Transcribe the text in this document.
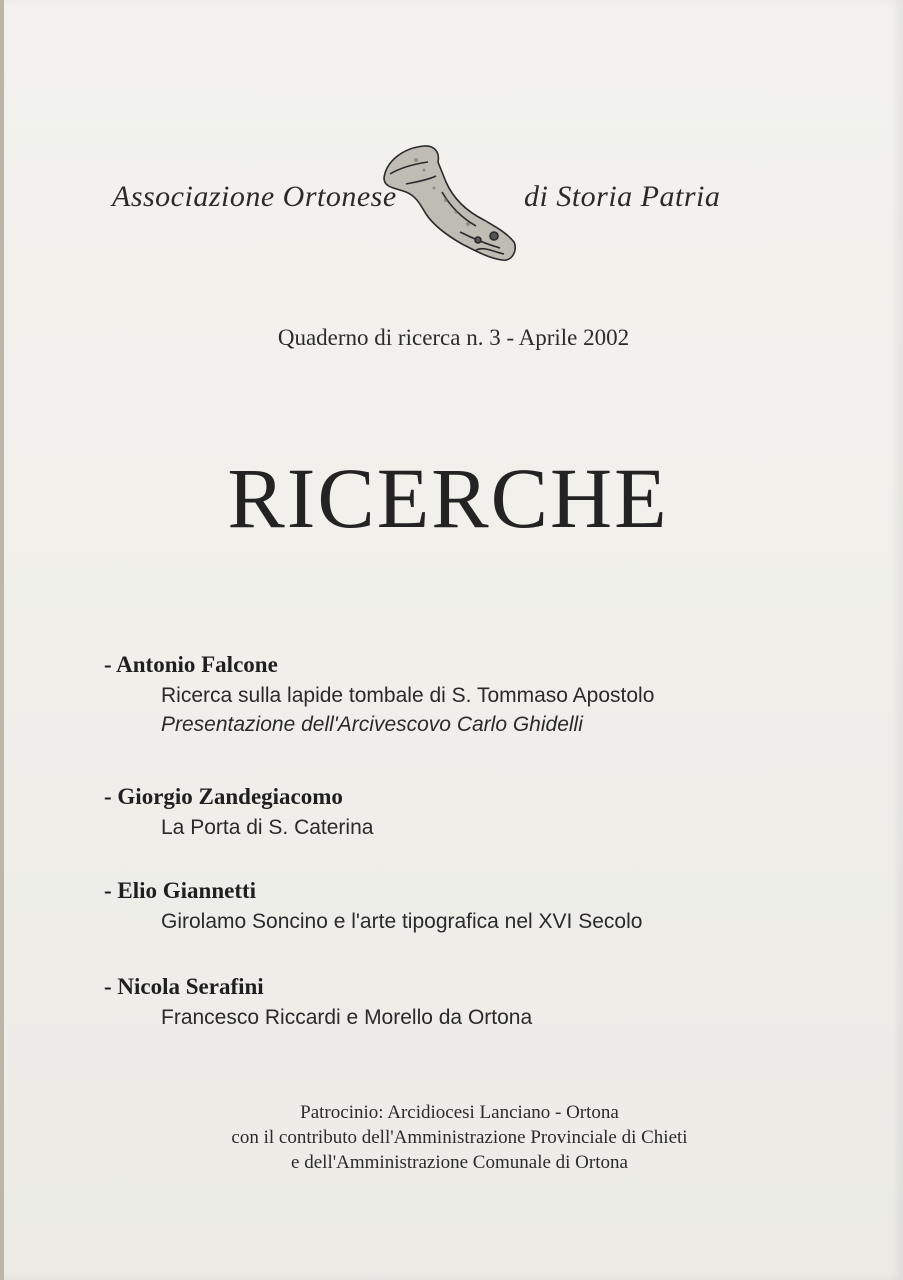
Associazione Ortonese	di Storia Patria
Quaderno di ricerca n. 3 - Aprile 2002
RICERCHE
- Antonio Falcone
Ricerca sulla lapide tombale di S. Tommaso Apostolo
Presentazione dell'Arcivescovo Carlo Ghidelli
- Giorgio Zandegiacomo
La Porta di S. Caterina
- Elio Giannetti
Girolamo Soncino e l'arte tipografica nel XVI Secolo
- Nicola Serafini
Francesco Riccardi e Morello da Ortona
Patrocinio: Arcidiocesi Lanciano - Ortona
con il contributo dell'Amministrazione Provinciale di Chieti
e dell'Amministrazione Comunale di Ortona
